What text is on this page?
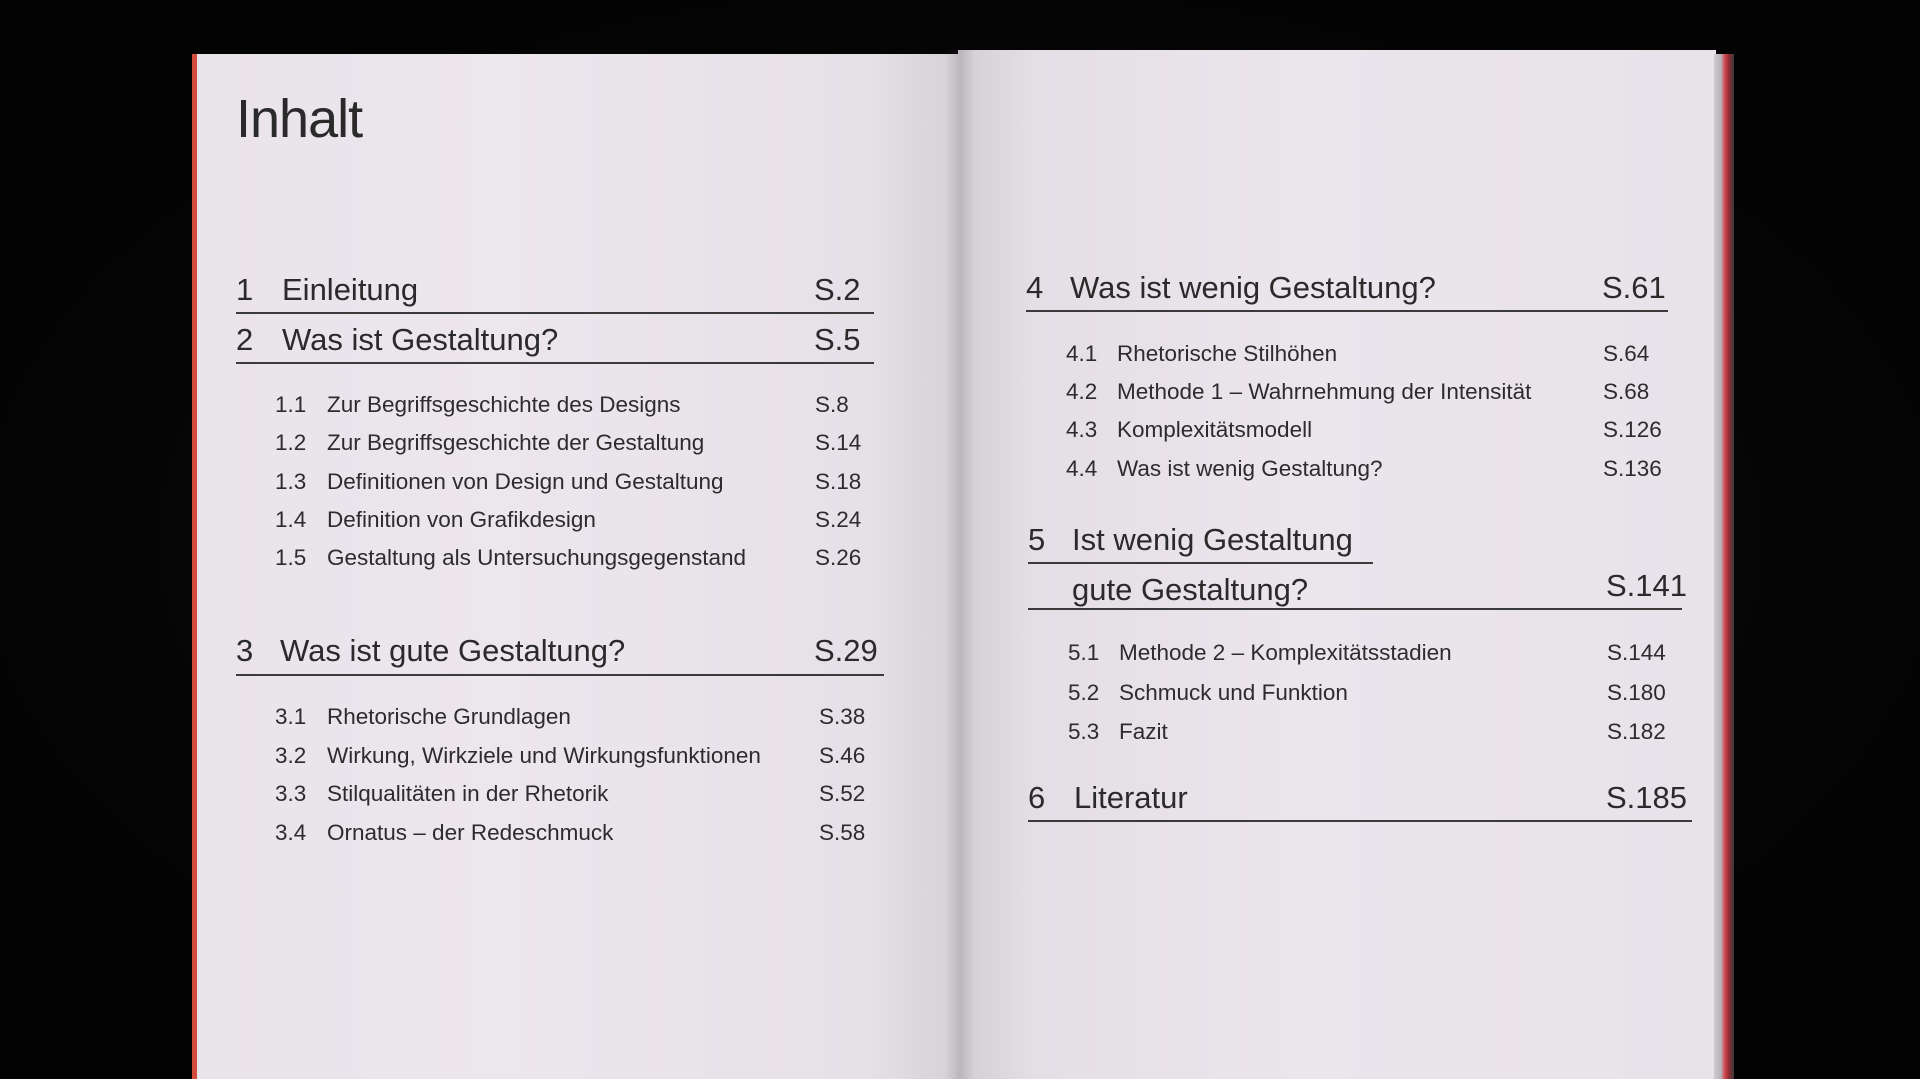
Inhalt
1 Einleitung	S.2
2 Was ist Gestaltung?	S.5
1.1 Zur Begriffsgeschichte des Designs	S.8
1.2 Zur Begriffsgeschichte der Gestaltung	S.14
1.3 Definitionen von Design und Gestaltung	S.18
1.4 Definition von Grafikdesign	S.24
1.5 Gestaltung als Untersuchungsgegenstand	S.26
3 Was ist gute Gestaltung?	S.29
3.1 Rhetorische Grundlagen	S.38
3.2 Wirkung, Wirkziele und Wirkungsfunktionen	S.46
3.3 Stilqualitäten in der Rhetorik	S.52
3.4 Ornatus – der Redeschmuck	S.58
4 Was ist wenig Gestaltung?	S.61
4.1 Rhetorische Stilhöhen	S.64
4.2 Methode 1 – Wahrnehmung der Intensität	S.68
4.3 Komplexitätsmodell	S.126
4.4 Was ist wenig Gestaltung?	S.136
5 Ist wenig Gestaltung
gute Gestaltung?	S.141
5.1 Methode 2 – Komplexitätsstadien	S.144
5.2 Schmuck und Funktion	S.180
5.3 Fazit	S.182
6 Literatur	S.185
